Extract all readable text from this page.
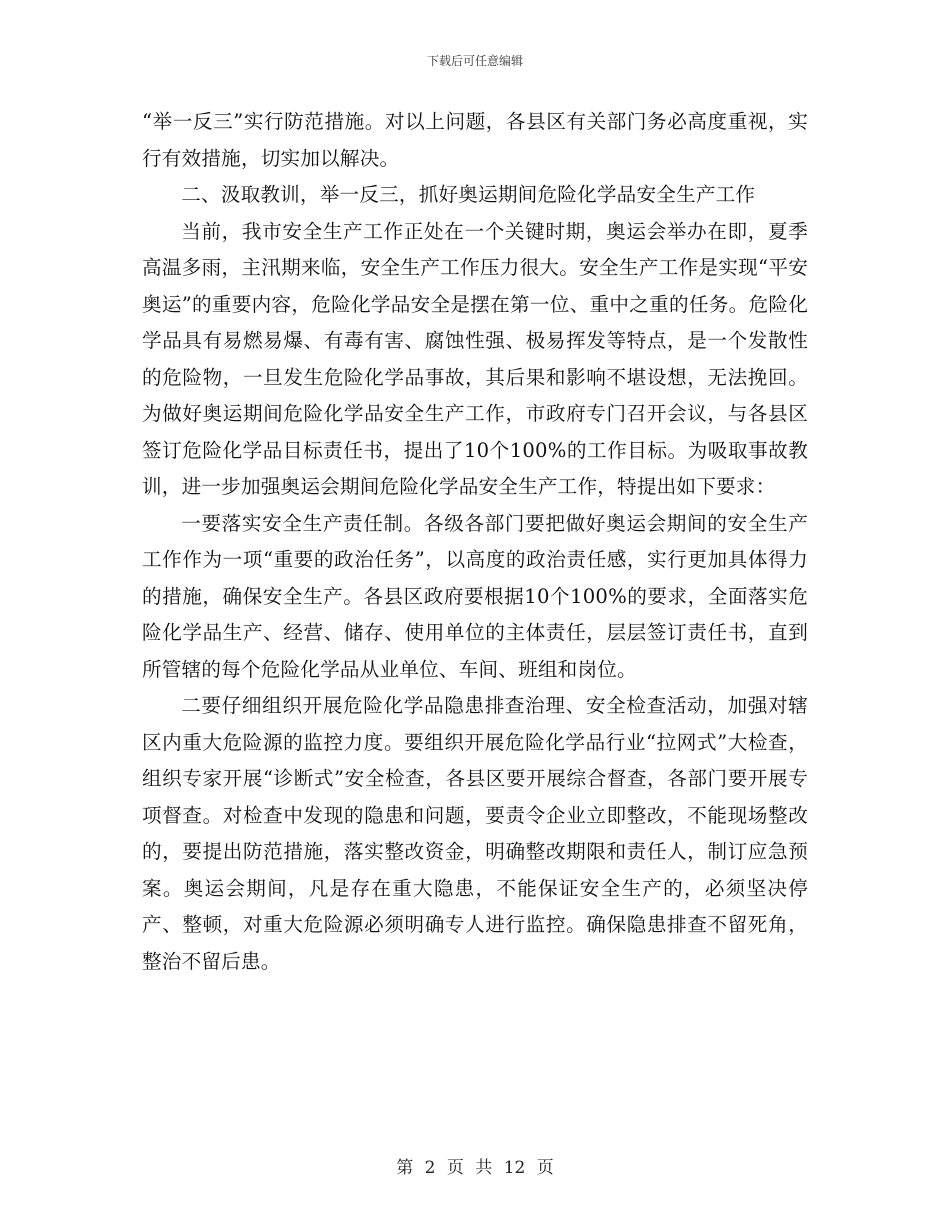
下载后可任意编辑

“举一反三”实行防范措施。对以上问题，各县区有关部门务必高度重视，实行有效措施，切实加以解决。

二、汲取教训，举一反三，抓好奥运期间危险化学品安全生产工作

当前，我市安全生产工作正处在一个关键时期，奥运会举办在即，夏季高温多雨，主汛期来临，安全生产工作压力很大。安全生产工作是实现“平安奥运”的重要内容，危险化学品安全是摆在第一位、重中之重的任务。危险化学品具有易燃易爆、有毒有害、腐蚀性强、极易挥发等特点，是一个发散性的危险物，一旦发生危险化学品事故，其后果和影响不堪设想，无法挽回。为做好奥运期间危险化学品安全生产工作，市政府专门召开会议，与各县区签订危险化学品目标责任书，提出了10个100%的工作目标。为吸取事故教训，进一步加强奥运会期间危险化学品安全生产工作，特提出如下要求：

一要落实安全生产责任制。各级各部门要把做好奥运会期间的安全生产工作作为一项“重要的政治任务”，以高度的政治责任感，实行更加具体得力的措施，确保安全生产。各县区政府要根据10个100%的要求，全面落实危险化学品生产、经营、储存、使用单位的主体责任，层层签订责任书，直到所管辖的每个危险化学品从业单位、车间、班组和岗位。

二要仔细组织开展危险化学品隐患排查治理、安全检查活动，加强对辖区内重大危险源的监控力度。要组织开展危险化学品行业“拉网式”大检查，组织专家开展“诊断式”安全检查，各县区要开展综合督查，各部门要开展专项督查。对检查中发现的隐患和问题，要责令企业立即整改，不能现场整改的，要提出防范措施，落实整改资金，明确整改期限和责任人，制订应急预案。奥运会期间，凡是存在重大隐患，不能保证安全生产的，必须坚决停产、整顿，对重大危险源必须明确专人进行监控。确保隐患排查不留死角，整治不留后患。

第 2 页 共 12 页
